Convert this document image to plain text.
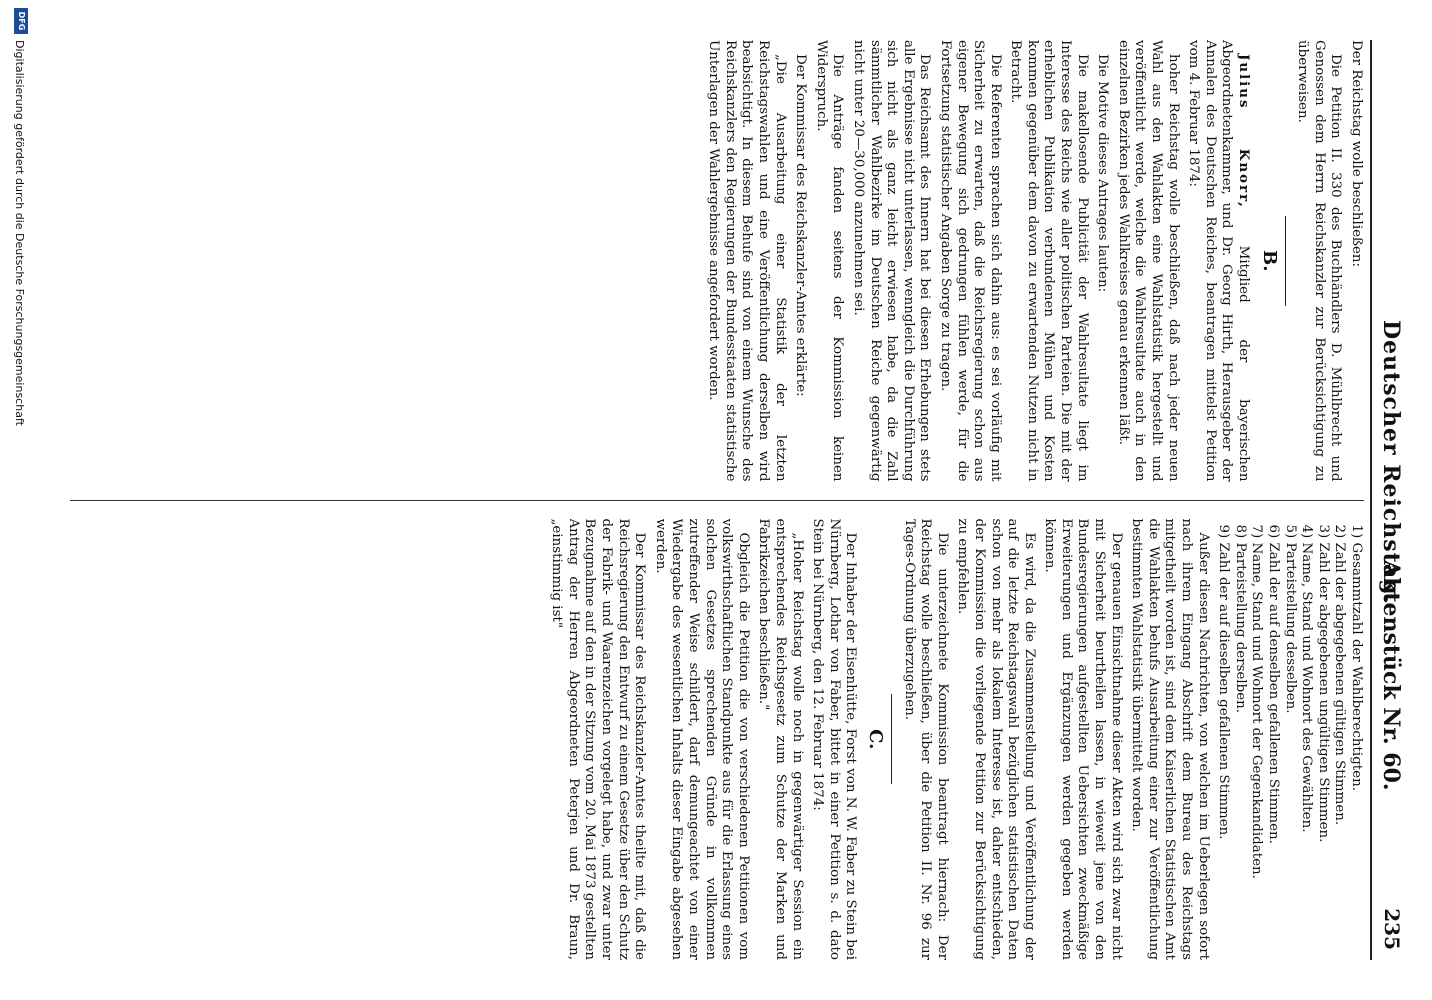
Deutscher Reichstag.
Aktenstück Nr. 60.
235

Der Reichstag wolle beschließen:

Die Petition II. 330 des Buchhändlers D. Mühlbrecht und Genossen dem Herrn Reichskanzler zur Berücksichtigung zu überweisen.

B.

Julius Knorr, Mitglied der bayerischen Abgeordnetenkammer, und Dr. Georg Hirth, Herausgeber der Annalen des Deutschen Reiches, beantragen mittelst Petition vom 4. Februar 1874:

hoher Reichstag wolle beschließen, daß nach jeder neuen Wahl aus den Wahlakten eine Wahlstatistik hergestellt und veröffentlicht werde, welche die Wahlresultate auch in den einzelnen Bezirken jedes Wahlkreises genau erkennen läßt.

Die Motive dieses Antrages lauten:

Die makellosende Publicität der Wahlresultate liegt im Interesse des Reichs wie aller politischen Parteien. Die mit der erheblichen Publikation verbundenen Mühen und Kosten kommen gegenüber dem davon zu erwartenden Nutzen nicht in Betracht.

Die Referenten sprachen sich dahin aus: es sei vorläufig mit Sicherheit zu erwarten, daß die Reichsregierung schon aus eigener Bewegung sich gedrungen fühlen werde, für die Fortsetzung statistischer Angaben Sorge zu tragen.

Das Reichsamt des Innern hat bei diesen Erhebungen stets alle Ergebnisse nicht unterlassen, wenngleich die Durchführung sich nicht als ganz leicht erwiesen habe, da die Zahl sämmtlicher Wahlbezirke im Deutschen Reiche gegenwärtig nicht unter 20—30,000 anzunehmen sei.

Die Anträge fanden seitens der Kommission keinen Widerspruch.

Der Kommissar des Reichskanzler-Amtes erklärte:

„Die Ausarbeitung einer Statistik der letzten Reichstagswahlen und eine Veröffentlichung derselben wird beabsichtigt. In diesem Behufe sind von einem Wunsche des Reichskanzlers den Regierungen der Bundesstaaten statistische Unterlagen der Wahlergebnisse angefordert worden.

1) Gesammtzahl der Wahlberechtigten.
2) Zahl der abgegebenen gültigen Stimmen.
3) Zahl der abgegebenen ungültigen Stimmen.
4) Name, Stand und Wohnort des Gewählten.
5) Parteistellung desselben.
6) Zahl der auf denselben gefallenen Stimmen.
7) Name, Stand und Wohnort der Gegenkandidaten.
8) Parteistellung derselben.
9) Zahl der auf dieselben gefallenen Stimmen.

Außer diesen Nachrichten, von welchen im Ueberlegen sofort nach ihrem Eingang Abschrift dem Bureau des Reichstags mitgetheilt worden ist, sind dem Kaiserlichen Statistischen Amt die Wahlakten behufs Ausarbeitung einer zur Veröffentlichung bestimmten Wahlstatistik übermittelt worden.

Der genauen Einsichtnahme dieser Akten wird sich zwar nicht mit Sicherheit beurtheilen lassen, in wieweit jene von den Bundesregierungen aufgestellten Uebersichten zweckmäßige Erweiterungen und Ergänzungen werden gegeben werden können.

Es wird, da die Zusammenstellung und Veröffentlichung der auf die letzte Reichstagswahl bezüglichen statistischen Daten schon von mehr als lokalem Interesse ist, daher entschieden, der Kommission die vorliegende Petition zur Berücksichtigung zu empfehlen.

Die unterzeichnete Kommission beantragt hiernach: Der Reichstag wolle beschließen, über die Petition II. Nr. 96 zur Tages-Ordnung überzugehen.

C.

Der Inhaber der Eisenhütte, Forst von N. W. Faber zu Stein bei Nürnberg, Lothar von Faber, bittet in einer Petition s. d. dato Stein bei Nürnberg, den 12. Februar 1874:

„Hoher Reichstag wolle noch in gegenwärtiger Session ein entsprechendes Reichsgesetz zum Schutze der Marken und Fabrikzeichen beschließen."

Obgleich die Petition die von verschiedenen Petitionen vom volkswirthschaftlichen Standpunkte aus für die Erlassung eines solchen Gesetzes sprechenden Gründe in vollkommen zutreffender Weise schildert, darf demungeachtet von einer Wiedergabe des wesentlichen Inhalts dieser Eingabe abgesehen werden.

Der Kommissar des Reichskanzler-Amtes theilte mit, daß die Reichsregierung den Entwurf zu einem Gesetze über den Schutz der Fabrik- und Waarenzeichen vorgelegt habe, und zwar unter Bezugnahme auf den in der Sitzung vom 20. Mai 1873 gestellten Antrag der Herren Abgeordneten Peterjen und Dr. Braun, „einstimmig ist"

DFG
Digitalisierung gefördert durch die Deutsche Forschungsgemeinschaft
